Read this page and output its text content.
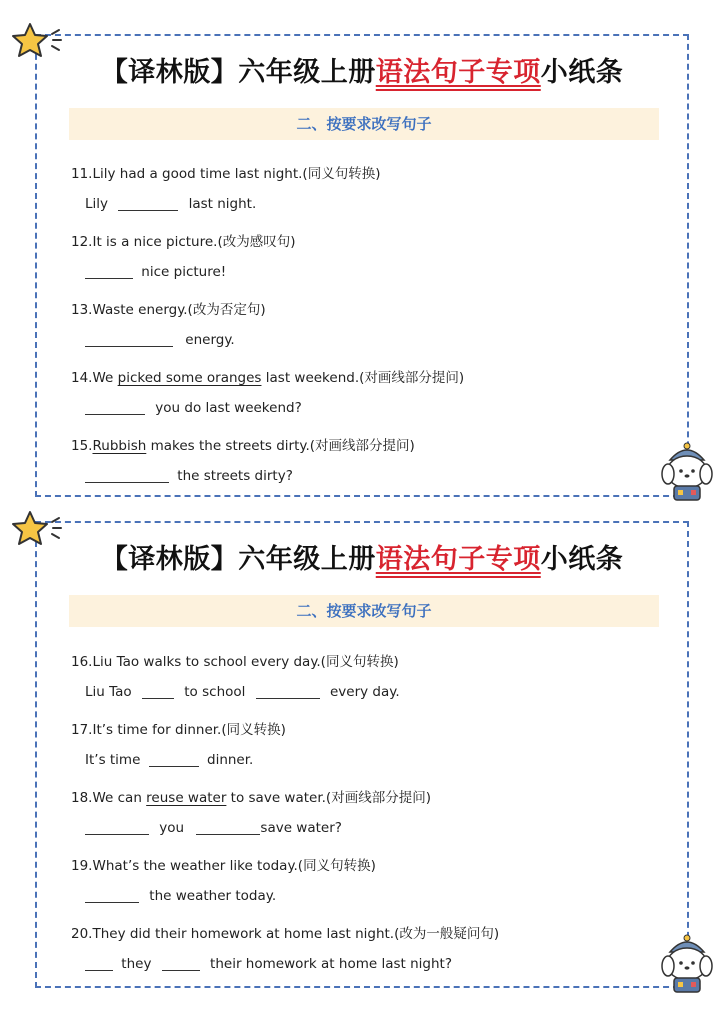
【译林版】六年级上册语法句子专项小纸条
二、按要求改写句子
11.Lily had a good time last night.(同义句转换)
Lily	last night.
12.It is a nice picture.(改为感叹句)
nice picture!
13.Waste energy.(改为否定句)
energy.
14.We picked some oranges last weekend.(对画线部分提问)
you do last weekend?
15.Rubbish makes the streets dirty.(对画线部分提问)
the streets dirty?
【译林版】六年级上册语法句子专项小纸条
二、按要求改写句子
16.Liu Tao walks to school every day.(同义句转换)
Liu Tao	to school	every day.
17.It’s time for dinner.(同义转换)
It’s time	dinner.
18.We can reuse water to save water.(对画线部分提问)
you	save water?
19.What’s the weather like today.(同义句转换)
the weather today.
20.They did their homework at home last night.(改为一般疑问句)
they	their homework at home last night?
